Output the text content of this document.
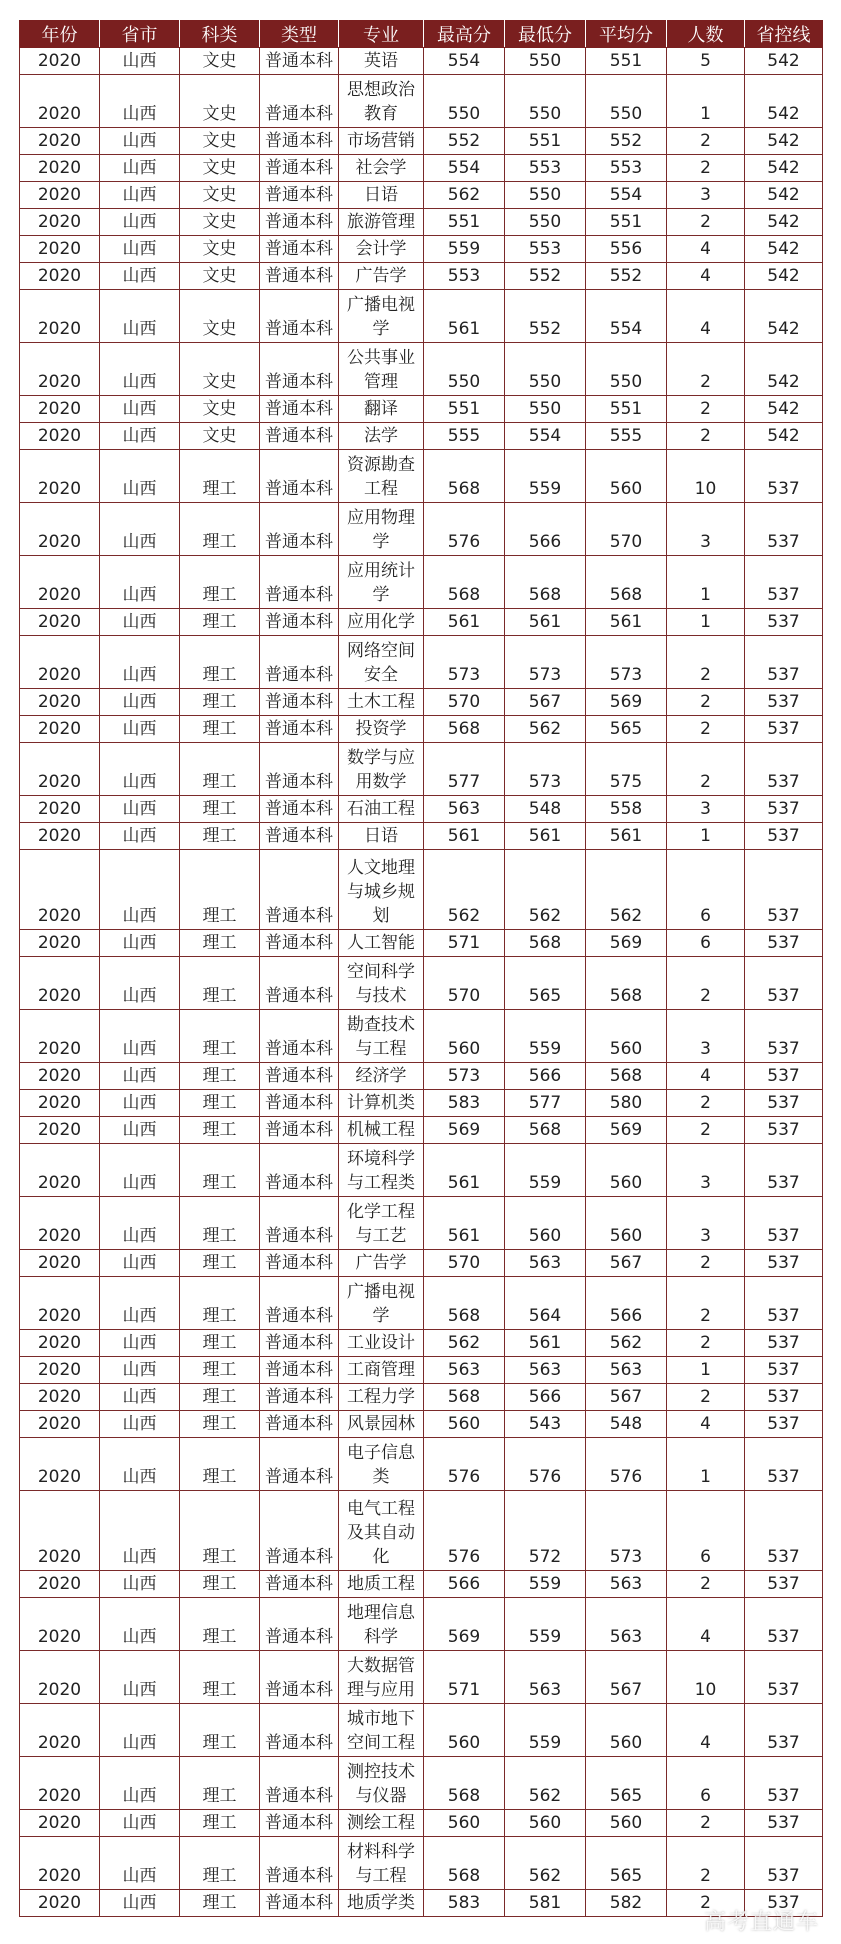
年份	省市	科类	类型	专业	最高分	最低分	平均分	人数	省控线
2020	山西	文史	普通本科	英语	554	550	551	5	542
2020	山西	文史	普通本科	思想政治教育	550	550	550	1	542
2020	山西	文史	普通本科	市场营销	552	551	552	2	542
2020	山西	文史	普通本科	社会学	554	553	553	2	542
2020	山西	文史	普通本科	日语	562	550	554	3	542
2020	山西	文史	普通本科	旅游管理	551	550	551	2	542
2020	山西	文史	普通本科	会计学	559	553	556	4	542
2020	山西	文史	普通本科	广告学	553	552	552	4	542
2020	山西	文史	普通本科	广播电视学	561	552	554	4	542
2020	山西	文史	普通本科	公共事业管理	550	550	550	2	542
2020	山西	文史	普通本科	翻译	551	550	551	2	542
2020	山西	文史	普通本科	法学	555	554	555	2	542
2020	山西	理工	普通本科	资源勘查工程	568	559	560	10	537
2020	山西	理工	普通本科	应用物理学	576	566	570	3	537
2020	山西	理工	普通本科	应用统计学	568	568	568	1	537
2020	山西	理工	普通本科	应用化学	561	561	561	1	537
2020	山西	理工	普通本科	网络空间安全	573	573	573	2	537
2020	山西	理工	普通本科	土木工程	570	567	569	2	537
2020	山西	理工	普通本科	投资学	568	562	565	2	537
2020	山西	理工	普通本科	数学与应用数学	577	573	575	2	537
2020	山西	理工	普通本科	石油工程	563	548	558	3	537
2020	山西	理工	普通本科	日语	561	561	561	1	537
2020	山西	理工	普通本科	人文地理与城乡规划	562	562	562	6	537
2020	山西	理工	普通本科	人工智能	571	568	569	6	537
2020	山西	理工	普通本科	空间科学与技术	570	565	568	2	537
2020	山西	理工	普通本科	勘查技术与工程	560	559	560	3	537
2020	山西	理工	普通本科	经济学	573	566	568	4	537
2020	山西	理工	普通本科	计算机类	583	577	580	2	537
2020	山西	理工	普通本科	机械工程	569	568	569	2	537
2020	山西	理工	普通本科	环境科学与工程类	561	559	560	3	537
2020	山西	理工	普通本科	化学工程与工艺	561	560	560	3	537
2020	山西	理工	普通本科	广告学	570	563	567	2	537
2020	山西	理工	普通本科	广播电视学	568	564	566	2	537
2020	山西	理工	普通本科	工业设计	562	561	562	2	537
2020	山西	理工	普通本科	工商管理	563	563	563	1	537
2020	山西	理工	普通本科	工程力学	568	566	567	2	537
2020	山西	理工	普通本科	风景园林	560	543	548	4	537
2020	山西	理工	普通本科	电子信息类	576	576	576	1	537
2020	山西	理工	普通本科	电气工程及其自动化	576	572	573	6	537
2020	山西	理工	普通本科	地质工程	566	559	563	2	537
2020	山西	理工	普通本科	地理信息科学	569	559	563	4	537
2020	山西	理工	普通本科	大数据管理与应用	571	563	567	10	537
2020	山西	理工	普通本科	城市地下空间工程	560	559	560	4	537
2020	山西	理工	普通本科	测控技术与仪器	568	562	565	6	537
2020	山西	理工	普通本科	测绘工程	560	560	560	2	537
2020	山西	理工	普通本科	材料科学与工程	568	562	565	2	537
2020	山西	理工	普通本科	地质学类	583	581	582	2	537
高考直通车
